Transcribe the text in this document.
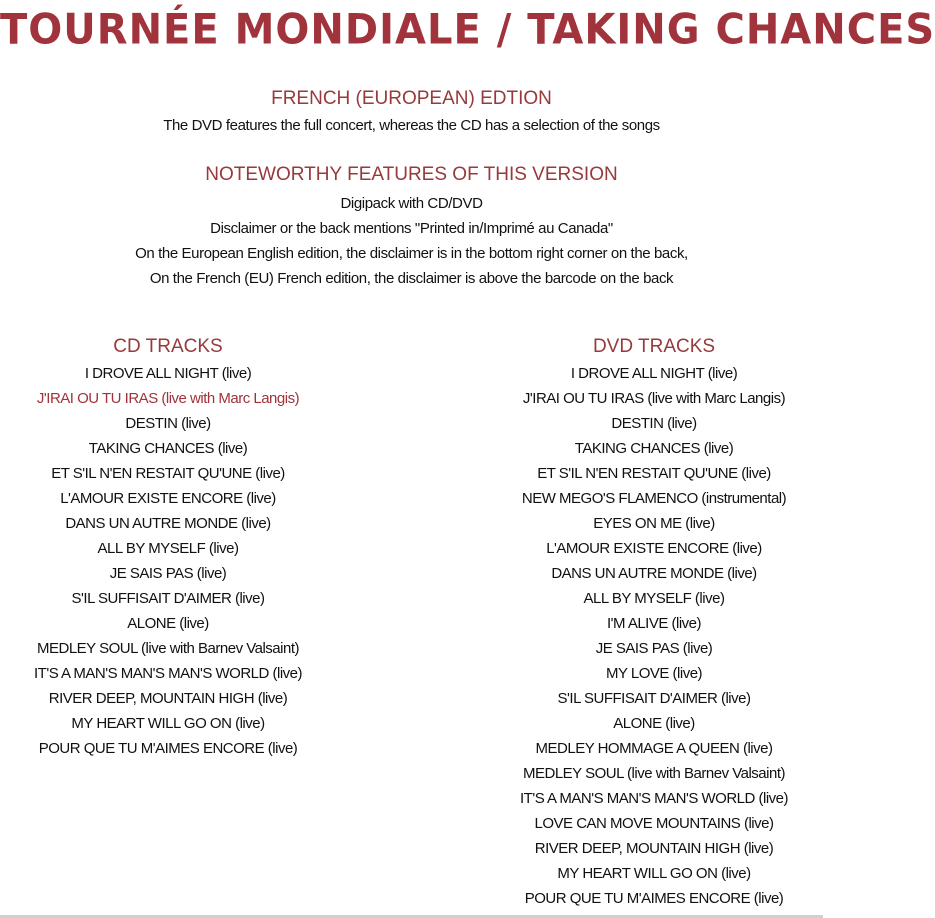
TOURNÉE MONDIALE / TAKING CHANCES
FRENCH (EUROPEAN) EDTION
The DVD features the full concert, whereas the CD has a selection of the songs
NOTEWORTHY FEATURES OF THIS VERSION
Digipack with CD/DVD
Disclaimer or the back mentions "Printed in/Imprimé au Canada"
On the European English edition, the disclaimer is in the bottom right corner on the back,
On the French (EU) French edition, the disclaimer is above the barcode on the back
CD TRACKS
I DROVE ALL NIGHT (live)
J'IRAI OU TU IRAS (live with Marc Langis)
DESTIN (live)
TAKING CHANCES (live)
ET S'IL N'EN RESTAIT QU'UNE (live)
L'AMOUR EXISTE ENCORE (live)
DANS UN AUTRE MONDE (live)
ALL BY MYSELF (live)
JE SAIS PAS (live)
S'IL SUFFISAIT D'AIMER (live)
ALONE (live)
MEDLEY SOUL (live with Barnev Valsaint)
IT'S A MAN'S MAN'S MAN'S WORLD (live)
RIVER DEEP, MOUNTAIN HIGH (live)
MY HEART WILL GO ON (live)
POUR QUE TU M'AIMES ENCORE (live)
DVD TRACKS
I DROVE ALL NIGHT (live)
J'IRAI OU TU IRAS (live with Marc Langis)
DESTIN (live)
TAKING CHANCES (live)
ET S'IL N'EN RESTAIT QU'UNE (live)
NEW MEGO'S FLAMENCO (instrumental)
EYES ON ME (live)
L'AMOUR EXISTE ENCORE (live)
DANS UN AUTRE MONDE (live)
ALL BY MYSELF (live)
I'M ALIVE (live)
JE SAIS PAS (live)
MY LOVE (live)
S'IL SUFFISAIT D'AIMER (live)
ALONE (live)
MEDLEY HOMMAGE A QUEEN (live)
MEDLEY SOUL (live with Barnev Valsaint)
IT'S A MAN'S MAN'S MAN'S WORLD (live)
LOVE CAN MOVE MOUNTAINS (live)
RIVER DEEP, MOUNTAIN HIGH (live)
MY HEART WILL GO ON (live)
POUR QUE TU M'AIMES ENCORE (live)
